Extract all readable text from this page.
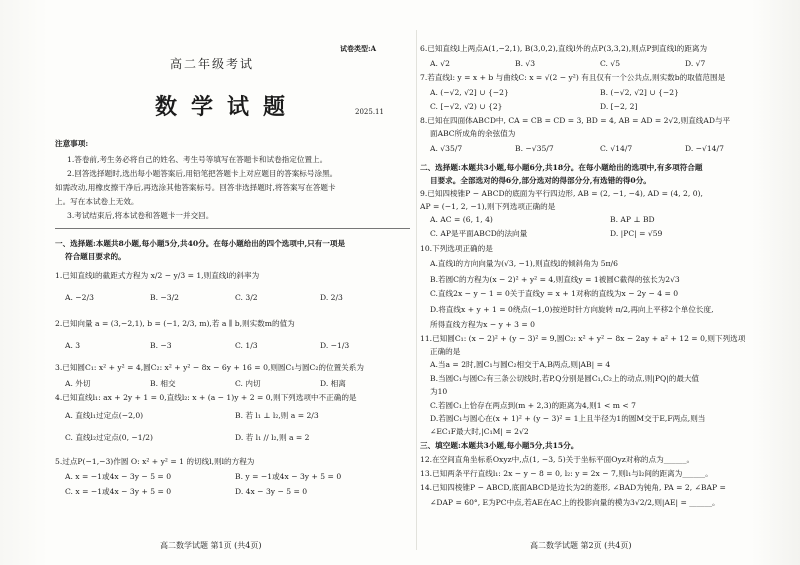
试卷类型:A
高二年级考试
数学试题	2025.11
注意事项:
1.答卷前,考生务必将自己的姓名、考生号等填写在答题卡和试卷指定位置上。
2.回答选择题时,选出每小题答案后,用铅笔把答题卡上对应题目的答案标号涂黑。
如需改动,用橡皮擦干净后,再选涂其他答案标号。回答非选择题时,将答案写在答题卡
上。写在本试卷上无效。
3.考试结束后,将本试卷和答题卡一并交回。
一、选择题:本题共8小题,每小题5分,共40分。在每小题给出的四个选项中,只有一项是
符合题目要求的。
1.已知直线l的截距式方程为 x/2 − y/3 = 1,则直线l的斜率为
A. −2/3	B. −3/2	C. 3/2	D. 2/3
2.已知向量 a = (3,−2,1), b = (−1, 2/3, m),若 a ∥ b,则实数m的值为
A. 3	B. −3	C. 1/3	D. −1/3
3.已知圆C₁: x² + y² = 4,圆C₂: x² + y² − 8x − 6y + 16 = 0,则圆C₁与圆C₂的位置关系为
A. 外切	B. 相交	C. 内切	D. 相离
4.已知直线l₁: ax + 2y + 1 = 0,直线l₂: x + (a − 1)y + 2 = 0,则下列选项中不正确的是
A. 直线l₁过定点(−2,0)	B. 若 l₁ ⊥ l₂,则 a = 2/3
C. 直线l₂过定点(0, −1/2)	D. 若 l₁ // l₂,则 a = 2
5.过点P(−1,−3)作圆 O: x² + y² = 1 的切线l,则l的方程为
A. x = −1或4x − 3y − 5 = 0	B. y = −1或4x − 3y + 5 = 0
C. x = −1或4x − 3y + 5 = 0	D. 4x − 3y − 5 = 0
高二数学试题 第1页 (共4页)
6.已知直线l上两点A(1,−2,1), B(3,0,2),直线l外的点P(3,3,2),则点P到直线l的距离为
A. √2	B. √3	C. √5	D. √7
7.若直线l: y = x + b 与曲线C: x = √(2 − y²) 有且仅有一个公共点,则实数b的取值范围是
A. (−√2, √2] ∪ {−2}	B. (−√2, √2] ∪ {−2}
C. [−√2, √2) ∪ {2}	D. [−2, 2]
8.已知在四面体ABCD中, CA = CB = CD = 3, BD = 4, AB = AD = 2√2,则直线AD与平
面ABC所成角的余弦值为
A. √35/7	B. −√35/7	C. √14/7	D. −√14/7
二、选择题:本题共3小题,每小题6分,共18分。在每小题给出的选项中,有多项符合题
目要求。全部选对的得6分,部分选对的得部分分,有选错的得0分。
9.已知四棱锥P − ABCD的底面为平行四边形, AB = (2, −1, −4), AD = (4, 2, 0),
AP = (−1, 2, −1),则下列选项正确的是
A. AC = (6, 1, 4)	B. AP ⊥ BD
C. AP是平面ABCD的法向量	D. |PC| = √59
10.下列选项正确的是
A.直线l的方向向量为(√3, −1),则直线l的倾斜角为 5π/6
B.若圆C的方程为(x − 2)² + y² = 4,则直线y = 1被圆C截得的弦长为2√3
C.直线2x − y − 1 = 0关于直线y = x + 1对称的直线为x − 2y − 4 = 0
D.将直线x + y + 1 = 0绕点(−1,0)按逆时针方向旋转 π/2,再向上平移2个单位长度,
所得直线方程为x − y + 3 = 0
11.已知圆C₁: (x − 2)² + (y − 3)² = 9,圆C₂: x² + y² − 8x − 2ay + a² + 12 = 0,则下列选项
正确的是
A.当a = 2时,圆C₁与圆C₂相交于A,B两点,则|AB| = 4
B.当圆C₁与圆C₂有三条公切线时,若P,Q分别是圆C₁,C₂上的动点,则|PQ|的最大值
为10
C.若圆C₁上恰存在两点到(m + 2,3)的距离为4,则1 < m < 7
D.若圆C₁与圆心在(x + 1)² + (y − 3)² = 1上且半径为1的圆M交于E,F两点,则当
∠EC₁F最大时,|C₁M| = 2√2
三、填空题:本题共3小题,每小题5分,共15分。
12.在空间直角坐标系Oxyz中,点(1, −3, 5)关于坐标平面Oyz对称的点为______。
13.已知两条平行直线l₁: 2x − y − 8 = 0, l₂: y = 2x − 7,则l₁与l₂间的距离为______。
14.已知四棱锥P − ABCD,底面ABCD是边长为2的菱形, ∠BAD为钝角, PA = 2, ∠BAP =
∠DAP = 60°, E为PC中点,若AE在AC上的投影向量的模为3√2/2,则|AE| = ______。
高二数学试题 第2页 (共4页)
